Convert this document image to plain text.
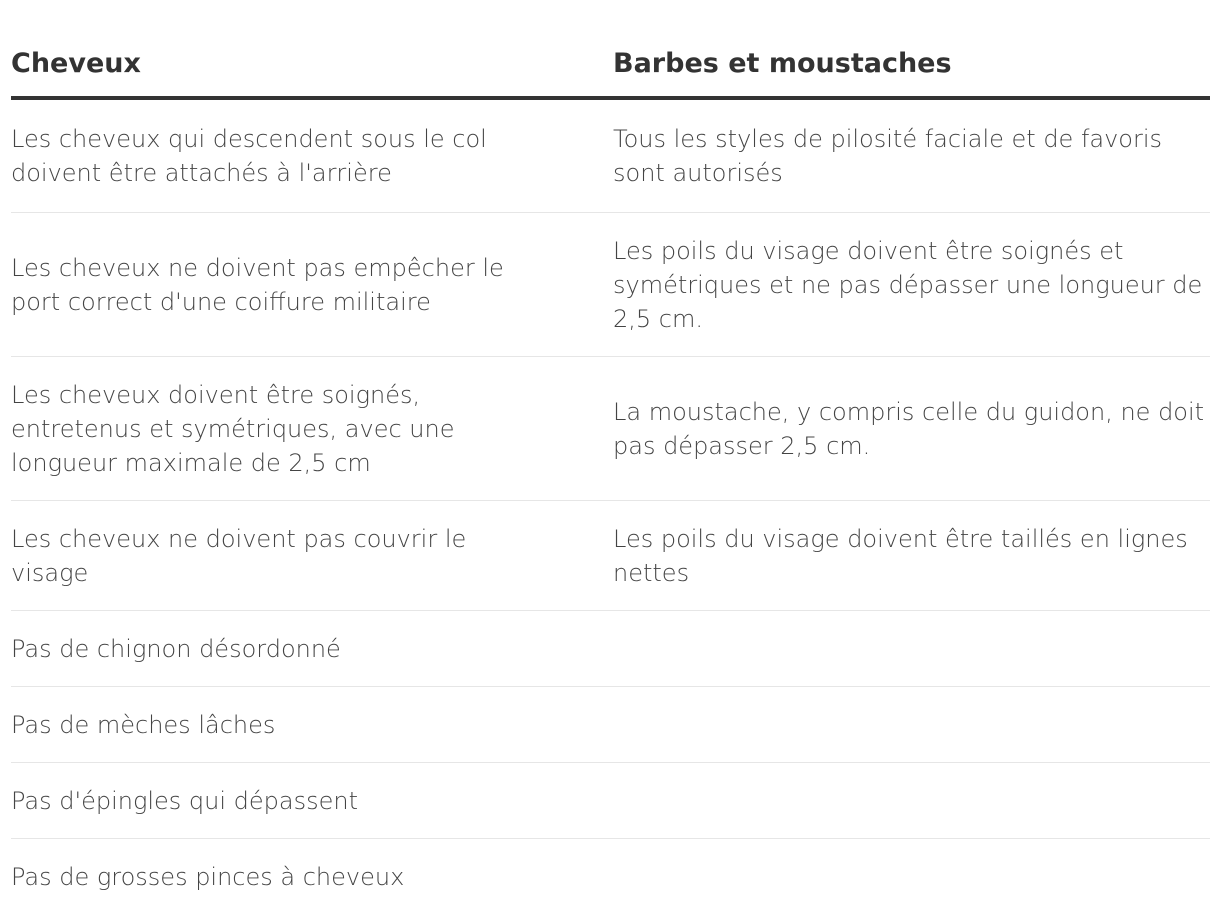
Cheveux	Barbes et moustaches
Les cheveux qui descendent sous le col doivent être attachés à l'arrière
Tous les styles de pilosité faciale et de favoris sont autorisés
Les cheveux ne doivent pas empêcher le port correct d'une coiffure militaire
Les poils du visage doivent être soignés et symétriques et ne pas dépasser une longueur de 2,5 cm.
Les cheveux doivent être soignés, entretenus et symétriques, avec une longueur maximale de 2,5 cm
La moustache, y compris celle du guidon, ne doit pas dépasser 2,5 cm.
Les cheveux ne doivent pas couvrir le visage
Les poils du visage doivent être taillés en lignes nettes
Pas de chignon désordonné
Pas de mèches lâches
Pas d'épingles qui dépassent
Pas de grosses pinces à cheveux
